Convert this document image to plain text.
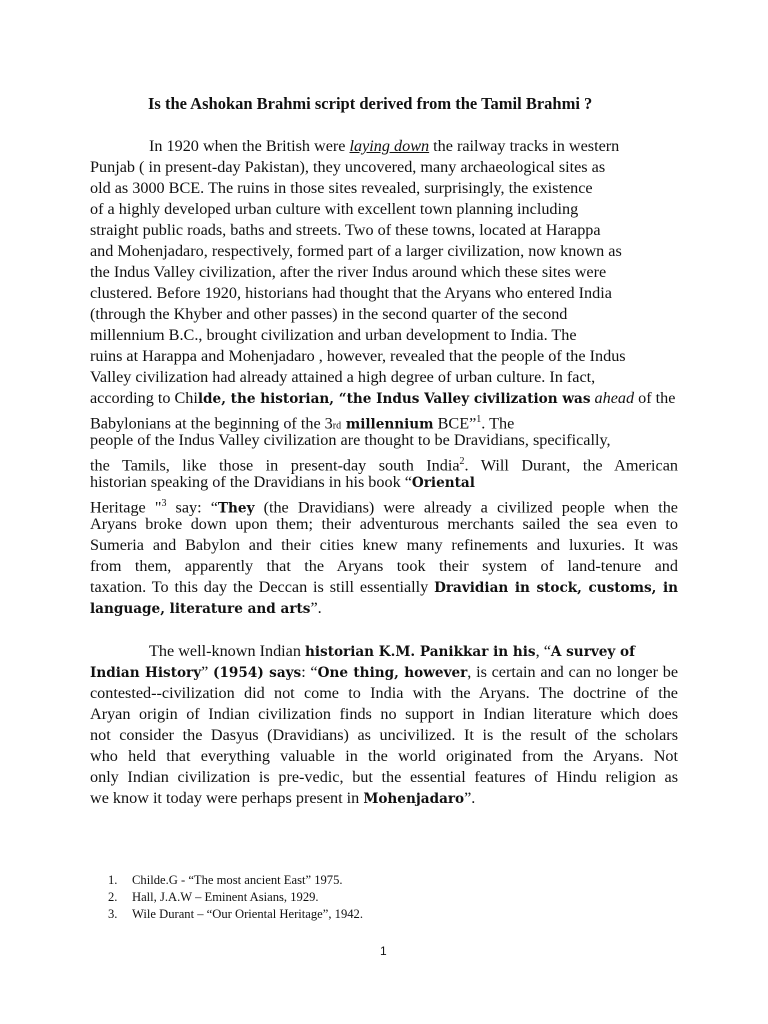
Is the Ashokan Brahmi script derived from the Tamil Brahmi ?
In 1920 when the British were laying down the railway tracks in western
Punjab ( in present-day Pakistan), they uncovered, many archaeological sites as
old as 3000 BCE. The ruins in those sites revealed, surprisingly, the existence
of a highly developed urban culture with excellent town planning including
straight public roads, baths and streets. Two of these towns, located at Harappa
and Mohenjadaro, respectively, formed part of a larger civilization, now known as
the Indus Valley civilization, after the river Indus around which these sites were
clustered. Before 1920, historians had thought that the Aryans who entered India
(through the Khyber and other passes) in the second quarter of the second
millennium B.C., brought civilization and urban development to India. The
ruins at Harappa and Mohenjadaro , however, revealed that the people of the Indus
Valley civilization had already attained a high degree of urban culture. In fact,
according to Childe, the historian, “the Indus Valley civilization was ahead of the
Babylonians at the beginning of the 3rd millennium BCE”$^1$. The
people of the Indus Valley civilization are thought to be Dravidians, specifically,
the Tamils, like those in present-day south India$^2$. Will Durant, the American
historian speaking of the Dravidians in his book “Oriental
Heritage "$^3$ say: “They (the Dravidians) were already a civilized people when the
Aryans broke down upon them; their adventurous merchants sailed the sea even to
Sumeria and Babylon and their cities knew many refinements and luxuries. It was
from them, apparently that the Aryans took their system of land-tenure and
taxation. To this day the Deccan is still essentially Dravidian in stock, customs, in
language, literature and arts”.
The well-known Indian historian K.M. Panikkar in his, “A survey of
Indian History” (1954) says: “One thing, however, is certain and can no longer be
contested--civilization did not come to India with the Aryans. The doctrine of the
Aryan origin of Indian civilization finds no support in Indian literature which does
not consider the Dasyus (Dravidians) as uncivilized. It is the result of the scholars
who held that everything valuable in the world originated from the Aryans. Not
only Indian civilization is pre-vedic, but the essential features of Hindu religion as
we know it today were perhaps present in Mohenjadaro”.
1. Childe.G - “The most ancient East” 1975.
2. Hall, J.A.W – Eminent Asians, 1929.
3. Wile Durant – “Our Oriental Heritage”, 1942.
1
